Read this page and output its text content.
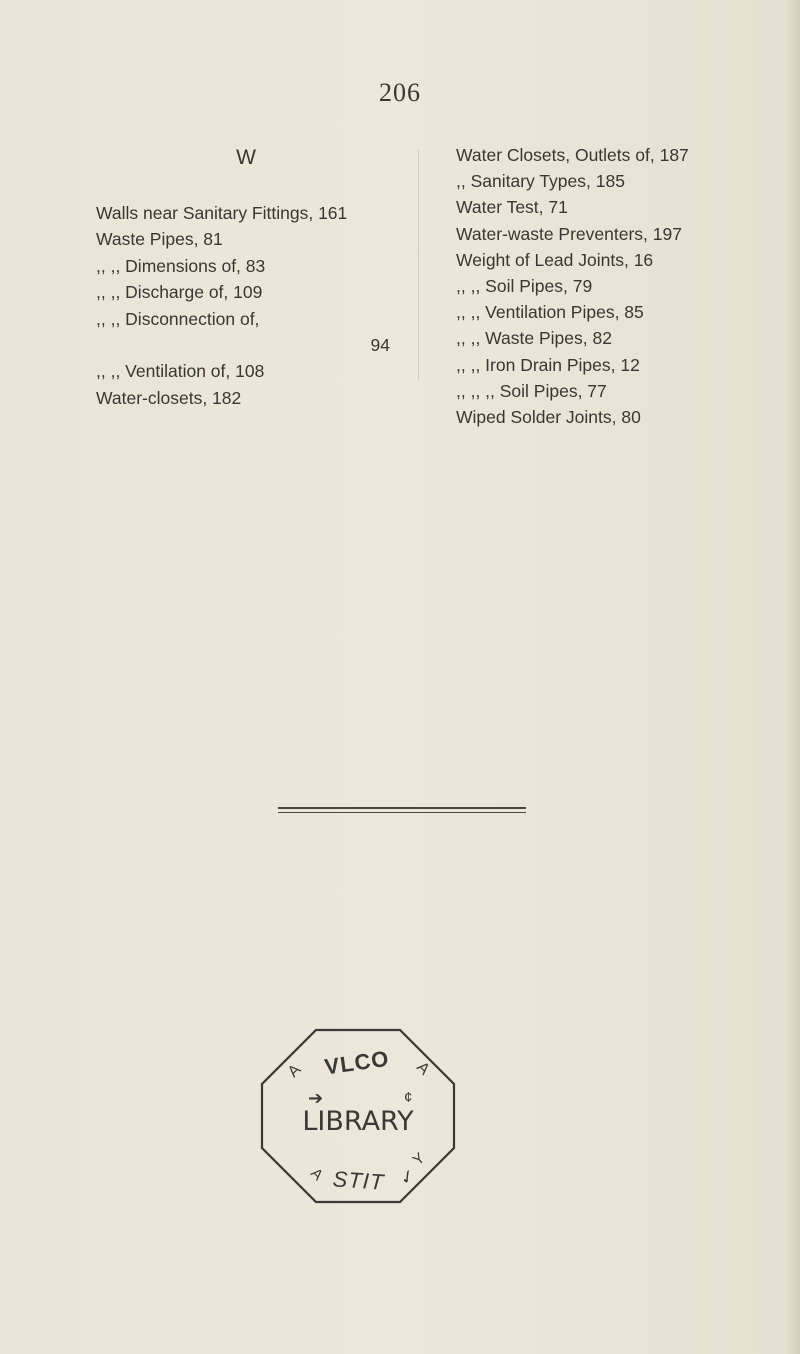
206
W
Walls near Sanitary Fittings, 161
Waste Pipes, 81
,, ,, Dimensions of, 83
,, ,, Discharge of, 109
,, ,, Disconnection of,
94
,, ,, Ventilation of, 108
Water-closets, 182
Water Closets, Outlets of, 187
,, Sanitary Types, 185
Water Test, 71
Water-waste Preventers, 197
Weight of Lead Joints, 16
,, ,, Soil Pipes, 79
,, ,, Ventilation Pipes, 85
,, ,, Waste Pipes, 82
,, ,, Iron Drain Pipes, 12
,, ,, ,, Soil Pipes, 77
Wiped Solder Joints, 80
VLCO
A	A
➔	¢
LIBRARY
Y
A STIT ✓
